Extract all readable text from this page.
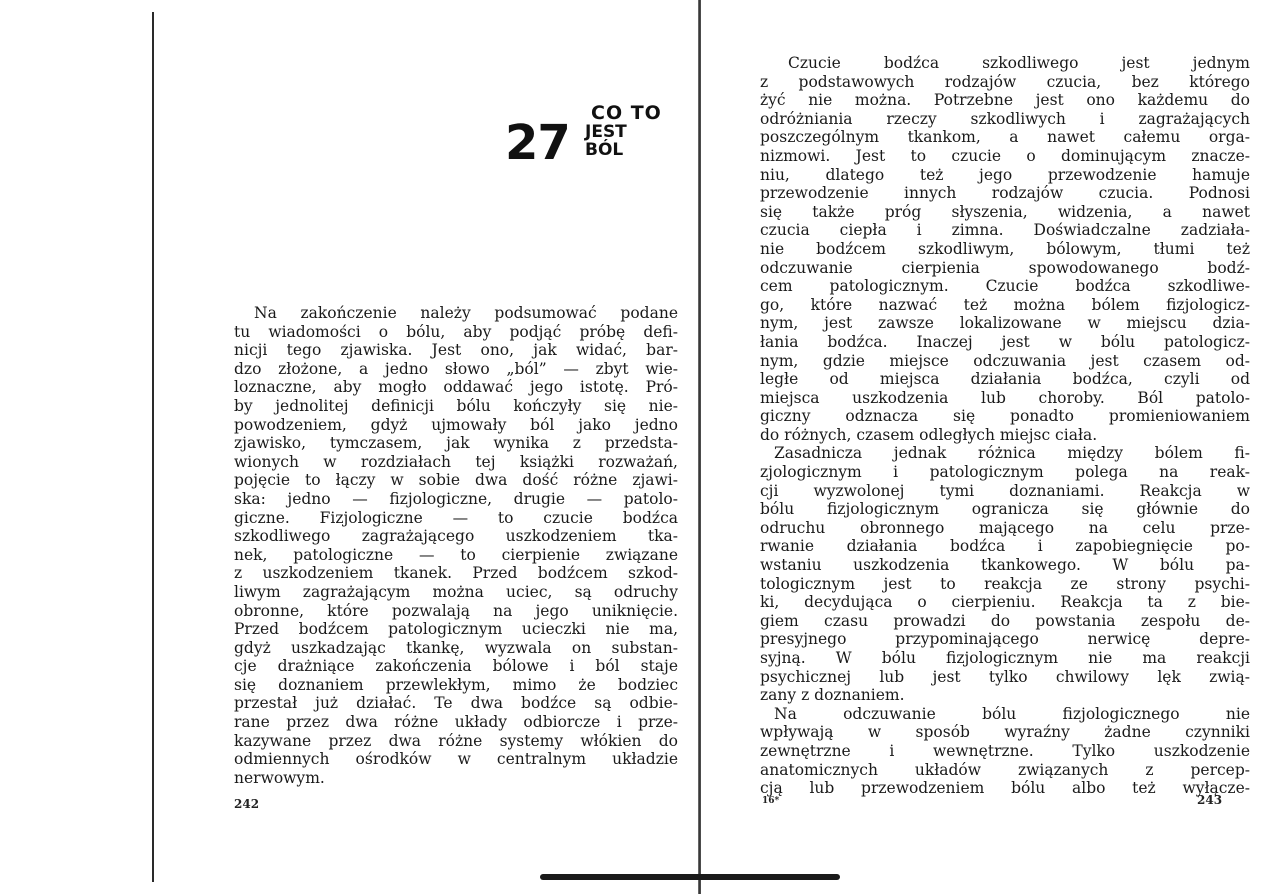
27
CO TO
JEST
BÓL
Na zakończenie należy podsumować podane
tu wiadomości o bólu, aby podjąć próbę defi-
nicji tego zjawiska. Jest ono, jak widać, bar-
dzo złożone, a jedno słowo „ból” — zbyt wie-
loznaczne, aby mogło oddawać jego istotę. Pró-
by jednolitej definicji bólu kończyły się nie-
powodzeniem, gdyż ujmowały ból jako jedno
zjawisko, tymczasem, jak wynika z przedsta-
wionych w rozdziałach tej książki rozważań,
pojęcie to łączy w sobie dwa dość różne zjawi-
ska: jedno — fizjologiczne, drugie — patolo-
giczne. Fizjologiczne — to czucie bodźca
szkodliwego zagrażającego uszkodzeniem tka-
nek, patologiczne — to cierpienie związane
z uszkodzeniem tkanek. Przed bodźcem szkod-
liwym zagrażającym można uciec, są odruchy
obronne, które pozwalają na jego uniknięcie.
Przed bodźcem patologicznym ucieczki nie ma,
gdyż uszkadzając tkankę, wyzwala on substan-
cje drażniące zakończenia bólowe i ból staje
się doznaniem przewlekłym, mimo że bodziec
przestał już działać. Te dwa bodźce są odbie-
rane przez dwa różne układy odbiorcze i prze-
kazywane przez dwa różne systemy włókien do
odmiennych ośrodków w centralnym układzie
nerwowym.
242
Czucie bodźca szkodliwego jest jednym
z podstawowych rodzajów czucia, bez którego
żyć nie można. Potrzebne jest ono każdemu do
odróżniania rzeczy szkodliwych i zagrażających
poszczególnym tkankom, a nawet całemu orga-
nizmowi. Jest to czucie o dominującym znacze-
niu, dlatego też jego przewodzenie hamuje
przewodzenie innych rodzajów czucia. Podnosi
się także próg słyszenia, widzenia, a nawet
czucia ciepła i zimna. Doświadczalne zadziała-
nie bodźcem szkodliwym, bólowym, tłumi też
odczuwanie cierpienia spowodowanego bodź-
cem patologicznym. Czucie bodźca szkodliwe-
go, które nazwać też można bólem fizjologicz-
nym, jest zawsze lokalizowane w miejscu dzia-
łania bodźca. Inaczej jest w bólu patologicz-
nym, gdzie miejsce odczuwania jest czasem od-
ległe od miejsca działania bodźca, czyli od
miejsca uszkodzenia lub choroby. Ból patolo-
giczny odznacza się ponadto promieniowaniem
do różnych, czasem odległych miejsc ciała.
Zasadnicza jednak różnica między bólem fi-
zjologicznym i patologicznym polega na reak-
cji wyzwolonej tymi doznaniami. Reakcja w
bólu fizjologicznym ogranicza się głównie do
odruchu obronnego mającego na celu prze-
rwanie działania bodźca i zapobiegnięcie po-
wstaniu uszkodzenia tkankowego. W bólu pa-
tologicznym jest to reakcja ze strony psychi-
ki, decydująca o cierpieniu. Reakcja ta z bie-
giem czasu prowadzi do powstania zespołu de-
presyjnego przypominającego nerwicę depre-
syjną. W bólu fizjologicznym nie ma reakcji
psychicznej lub jest tylko chwilowy lęk zwią-
zany z doznaniem.
Na odczuwanie bólu fizjologicznego nie
wpływają w sposób wyraźny żadne czynniki
zewnętrzne i wewnętrzne. Tylko uszkodzenie
anatomicznych układów związanych z percep-
cją lub przewodzeniem bólu albo też wyłącze-
16*	243
